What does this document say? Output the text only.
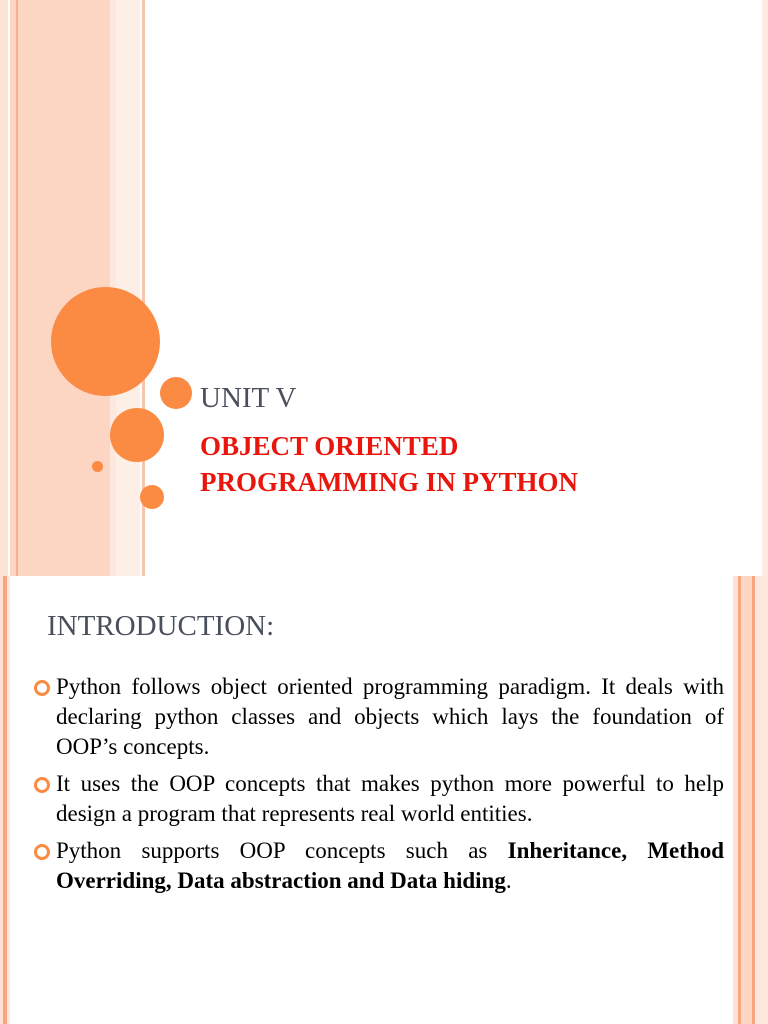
UNIT V
OBJECT ORIENTED
PROGRAMMING IN PYTHON
INTRODUCTION:
Python follows object oriented programming paradigm. It deals with declaring python classes and objects which lays the foundation of OOP’s concepts.
It uses the OOP concepts that makes python more powerful to help design a program that represents real world entities.
Python supports OOP concepts such as Inheritance, Method Overriding, Data abstraction and Data hiding.
